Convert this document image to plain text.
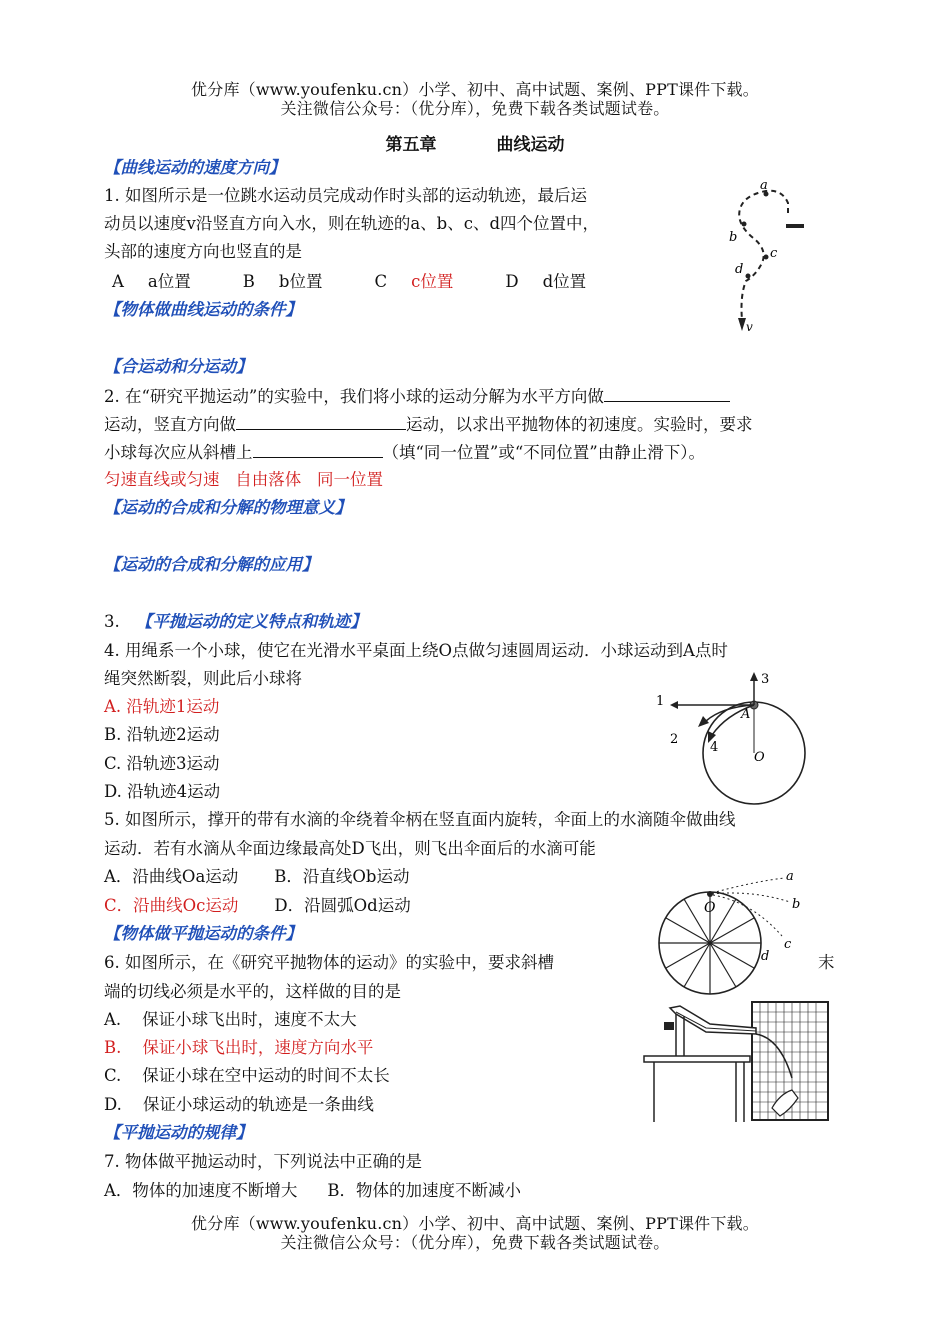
优分库（www.youfenku.cn）小学、初中、高中试题、案例、PPT课件下载。
关注微信公众号：（优分库），免费下载各类试题试卷。
第五章	曲线运动
【曲线运动的速度方向】
1. 如图所示是一位跳水运动员完成动作时头部的运动轨迹，最后运
动员以速度v沿竖直方向入水，则在轨迹的a、b、c、d四个位置中，
头部的速度方向也竖直的是
A a位置	B b位置	C c位置	D d位置
a
b
c
d
v
【物体做曲线运动的条件】
【合运动和分运动】
2. 在“研究平抛运动”的实验中，我们将小球的运动分解为水平方向做
运动，竖直方向做	运动，以求出平抛物体的初速度。实验时，要求
小球每次应从斜槽上	（填“同一位置”或“不同位置”由静止滑下）。
匀速直线或匀速   自由落体   同一位置
【运动的合成和分解的物理意义】
【运动的合成和分解的应用】
3. 【平抛运动的定义特点和轨迹】
4. 用绳系一个小球，使它在光滑水平桌面上绕O点做匀速圆周运动．小球运动到A点时
绳突然断裂，则此后小球将
A. 沿轨迹1运动
B. 沿轨迹2运动
C. 沿轨迹3运动
D. 沿轨迹4运动
1
2
3
4
A
O
5. 如图所示，撑开的带有水滴的伞绕着伞柄在竖直面内旋转，伞面上的水滴随伞做曲线
运动．若有水滴从伞面边缘最高处D飞出，则飞出伞面后的水滴可能
A．沿曲线Oa运动 B．沿直线Ob运动
C．沿曲线Oc运动 D．沿圆弧Od运动	O
a
b
c
d
【物体做平抛运动的条件】
6. 如图所示，在《研究平抛物体的运动》的实验中，要求斜槽	末
端的切线必须是水平的，这样做的目的是
A.    保证小球飞出时，速度不太大
B.    保证小球飞出时，速度方向水平
C.    保证小球在空中运动的时间不太长
D.    保证小球运动的轨迹是一条曲线
【平抛运动的规律】
7. 物体做平抛运动时，下列说法中正确的是
A．物体的加速度不断增大 B．物体的加速度不断减小
优分库（www.youfenku.cn）小学、初中、高中试题、案例、PPT课件下载。
关注微信公众号：（优分库），免费下载各类试题试卷。
